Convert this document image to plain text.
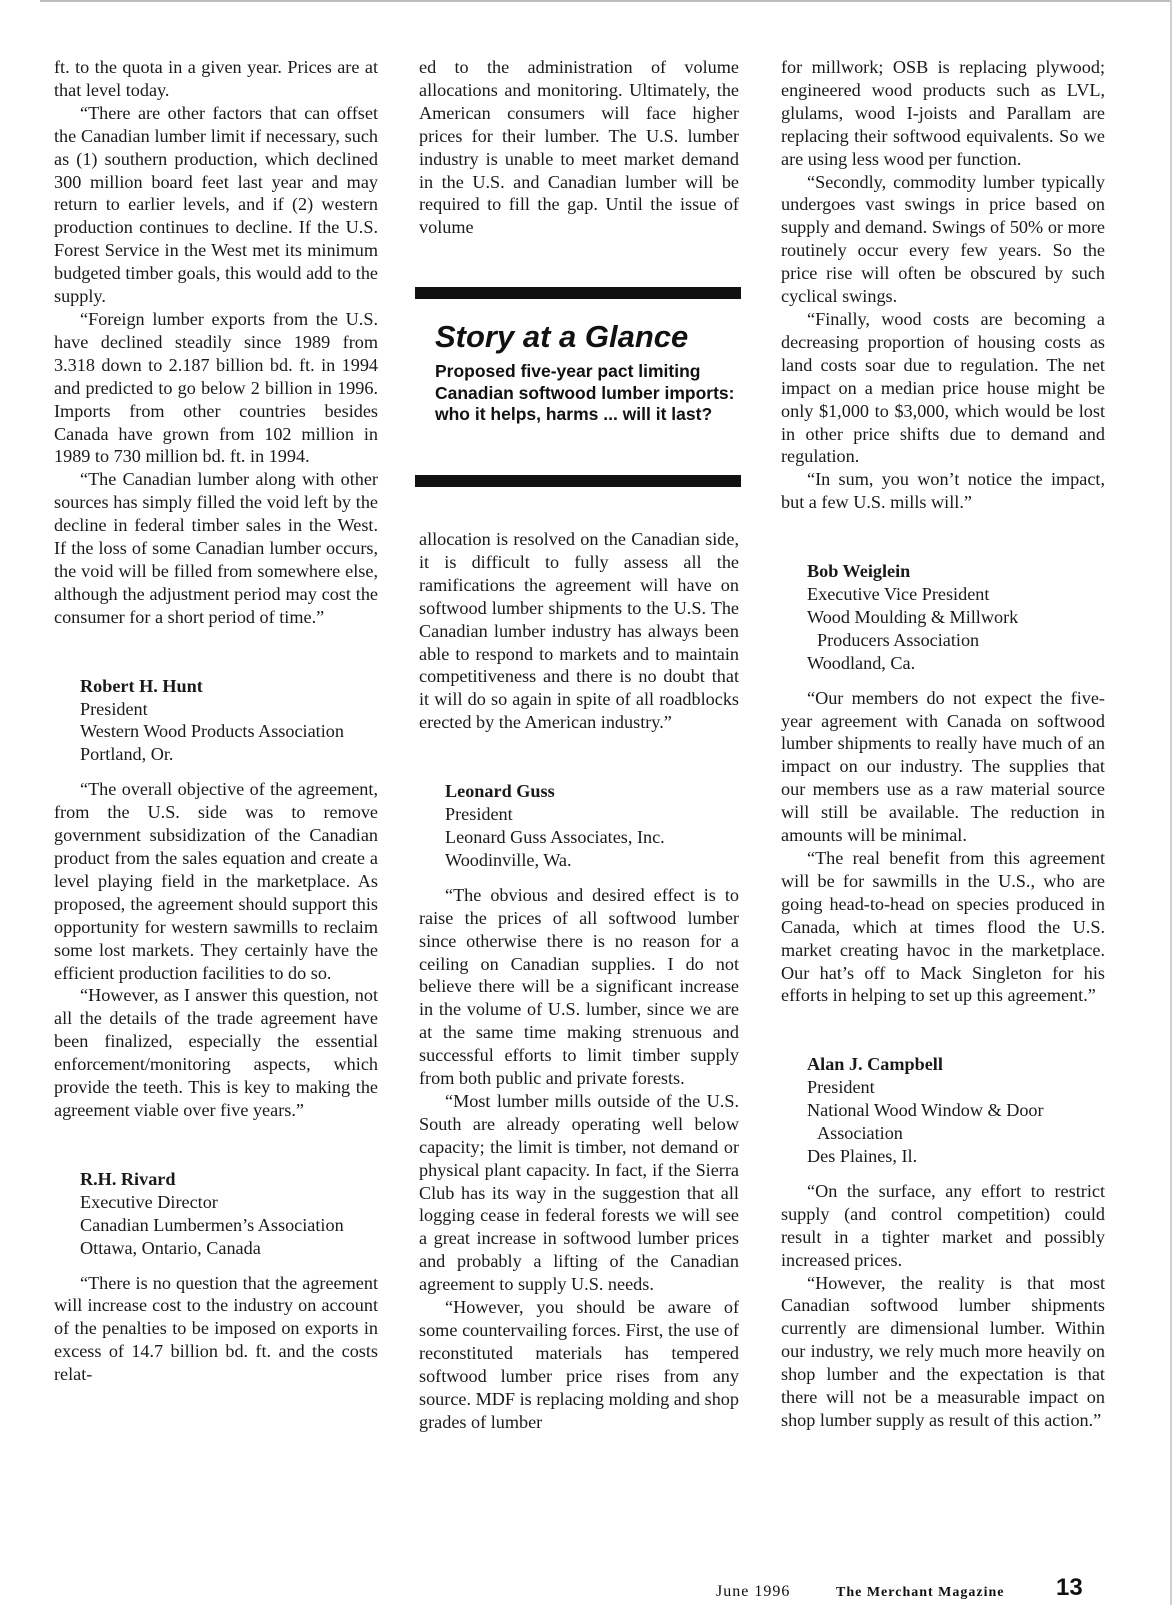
ft. to the quota in a given year. Prices are at that level today.

“There are other factors that can offset the Canadian lumber limit if necessary, such as (1) southern production, which declined 300 million board feet last year and may return to earlier levels, and if (2) western production continues to decline. If the U.S. Forest Service in the West met its minimum budgeted timber goals, this would add to the supply.

“Foreign lumber exports from the U.S. have declined steadily since 1989 from 3.318 down to 2.187 billion bd. ft. in 1994 and predicted to go below 2 billion in 1996. Imports from other countries besides Canada have grown from 102 million in 1989 to 730 million bd. ft. in 1994.

“The Canadian lumber along with other sources has simply filled the void left by the decline in federal timber sales in the West. If the loss of some Canadian lumber occurs, the void will be filled from somewhere else, although the adjustment period may cost the consumer for a short period of time.”

Robert H. Hunt

President

Western Wood Products Association

Portland, Or.

“The overall objective of the agreement, from the U.S. side was to remove government subsidization of the Canadian product from the sales equation and create a level playing field in the marketplace. As proposed, the agreement should support this opportunity for western sawmills to reclaim some lost markets. They certainly have the efficient production facilities to do so.

“However, as I answer this question, not all the details of the trade agreement have been finalized, especially the essential enforcement/monitoring aspects, which provide the teeth. This is key to making the agreement viable over five years.”

R.H. Rivard

Executive Director

Canadian Lumbermen’s Association

Ottawa, Ontario, Canada

“There is no question that the agreement will increase cost to the industry on account of the penalties to be imposed on exports in excess of 14.7 billion bd. ft. and the costs relat-

ed to the administration of volume allocations and monitoring. Ultimately, the American consumers will face higher prices for their lumber. The U.S. lumber industry is unable to meet market demand in the U.S. and Canadian lumber will be required to fill the gap. Until the issue of volume

Story at a Glance

Proposed five-year pact limiting Canadian softwood lumber imports: who it helps, harms ... will it last?

allocation is resolved on the Canadian side, it is difficult to fully assess all the ramifications the agreement will have on softwood lumber shipments to the U.S. The Canadian lumber industry has always been able to respond to markets and to maintain competitiveness and there is no doubt that it will do so again in spite of all roadblocks erected by the American industry.”

Leonard Guss

President

Leonard Guss Associates, Inc.

Woodinville, Wa.

“The obvious and desired effect is to raise the prices of all softwood lumber since otherwise there is no reason for a ceiling on Canadian supplies. I do not believe there will be a significant increase in the volume of U.S. lumber, since we are at the same time making strenuous and successful efforts to limit timber supply from both public and private forests.

“Most lumber mills outside of the U.S. South are already operating well below capacity; the limit is timber, not demand or physical plant capacity. In fact, if the Sierra Club has its way in the suggestion that all logging cease in federal forests we will see a great increase in softwood lumber prices and probably a lifting of the Canadian agreement to supply U.S. needs.

“However, you should be aware of some countervailing forces. First, the use of reconstituted materials has tempered softwood lumber price rises from any source. MDF is replacing molding and shop grades of lumber

for millwork; OSB is replacing plywood; engineered wood products such as LVL, glulams, wood I-joists and Parallam are replacing their softwood equivalents. So we are using less wood per function.

“Secondly, commodity lumber typically undergoes vast swings in price based on supply and demand. Swings of 50% or more routinely occur every few years. So the price rise will often be obscured by such cyclical swings.

“Finally, wood costs are becoming a decreasing proportion of housing costs as land costs soar due to regulation. The net impact on a median price house might be only $1,000 to $3,000, which would be lost in other price shifts due to demand and regulation.

“In sum, you won’t notice the impact, but a few U.S. mills will.”

Bob Weiglein

Executive Vice President

Wood Moulding & Millwork

Producers Association

Woodland, Ca.

“Our members do not expect the five-year agreement with Canada on softwood lumber shipments to really have much of an impact on our industry. The supplies that our members use as a raw material source will still be available. The reduction in amounts will be minimal.

“The real benefit from this agreement will be for sawmills in the U.S., who are going head-to-head on species produced in Canada, which at times flood the U.S. market creating havoc in the marketplace. Our hat’s off to Mack Singleton for his efforts in helping to set up this agreement.”

Alan J. Campbell

President

National Wood Window & Door

Association

Des Plaines, Il.

“On the surface, any effort to restrict supply (and control competition) could result in a tighter market and possibly increased prices.

“However, the reality is that most Canadian softwood lumber shipments currently are dimensional lumber. Within our industry, we rely much more heavily on shop lumber and the expectation is that there will not be a measurable impact on shop lumber supply as result of this action.”

June 1996	The Merchant Magazine 13
